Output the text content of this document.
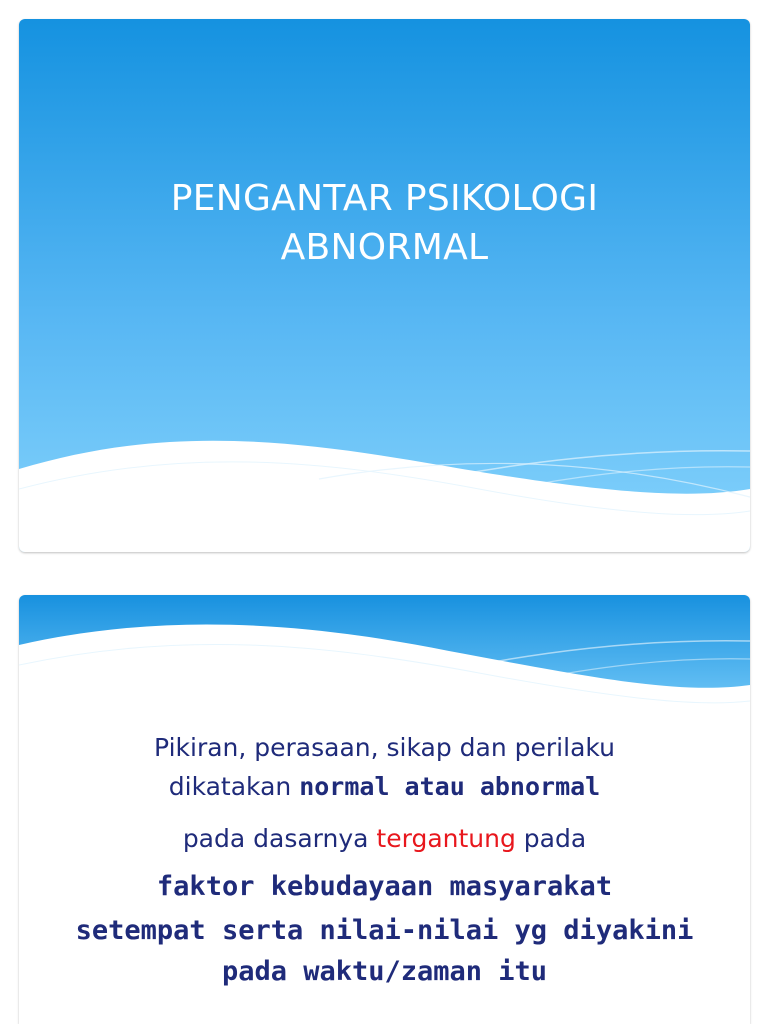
PENGANTAR PSIKOLOGI
ABNORMAL
Pikiran, perasaan, sikap dan perilaku
dikatakan normal atau abnormal
pada dasarnya tergantung pada
faktor kebudayaan masyarakat
setempat serta nilai-nilai yg diyakini
pada waktu/zaman itu
